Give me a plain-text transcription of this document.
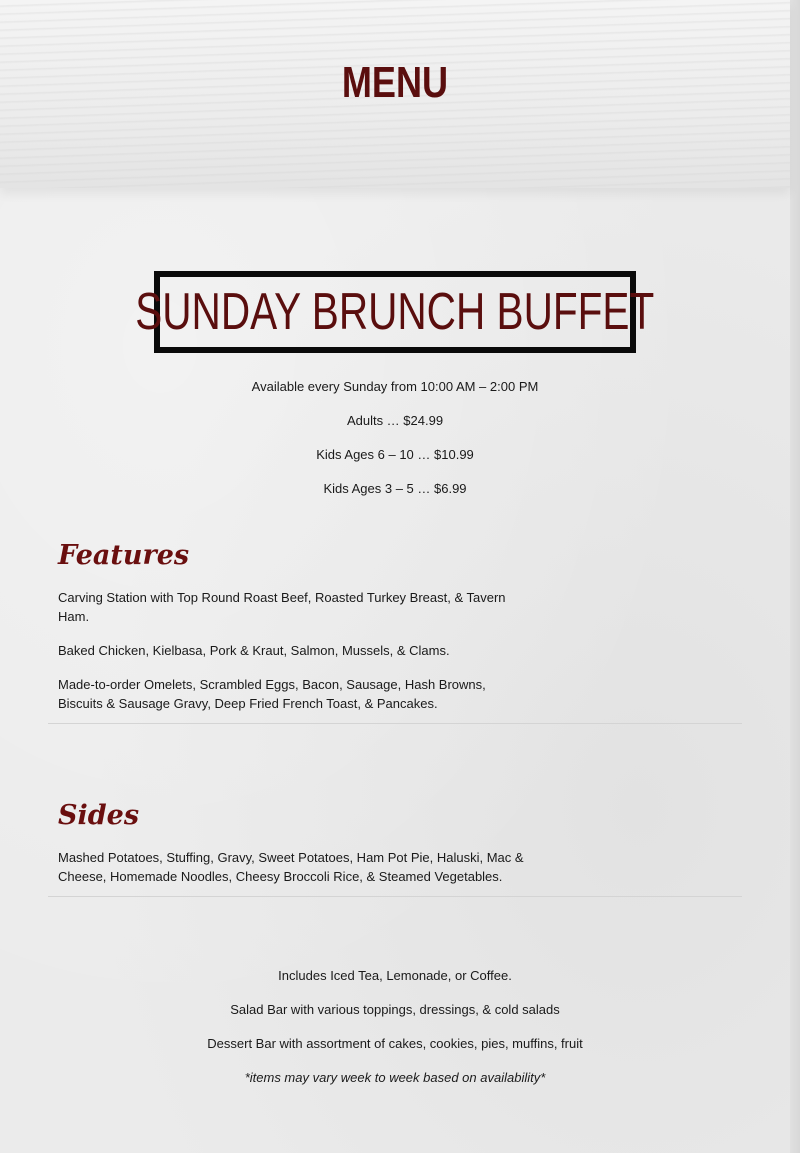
MENU
SUNDAY BRUNCH BUFFET
Available every Sunday from 10:00 AM – 2:00 PM
Adults … $24.99
Kids Ages 6 – 10 … $10.99
Kids Ages 3 – 5 … $6.99
Features
Carving Station with Top Round Roast Beef, Roasted Turkey Breast, & Tavern Ham.
Baked Chicken, Kielbasa, Pork & Kraut, Salmon, Mussels, & Clams.
Made-to-order Omelets, Scrambled Eggs, Bacon, Sausage, Hash Browns, Biscuits & Sausage Gravy, Deep Fried French Toast, & Pancakes.
Sides
Mashed Potatoes, Stuffing, Gravy, Sweet Potatoes, Ham Pot Pie, Haluski, Mac & Cheese, Homemade Noodles, Cheesy Broccoli Rice, & Steamed Vegetables.
Includes Iced Tea, Lemonade, or Coffee.
Salad Bar with various toppings, dressings, & cold salads
Dessert Bar with assortment of cakes, cookies, pies, muffins, fruit
*items may vary week to week based on availability*
